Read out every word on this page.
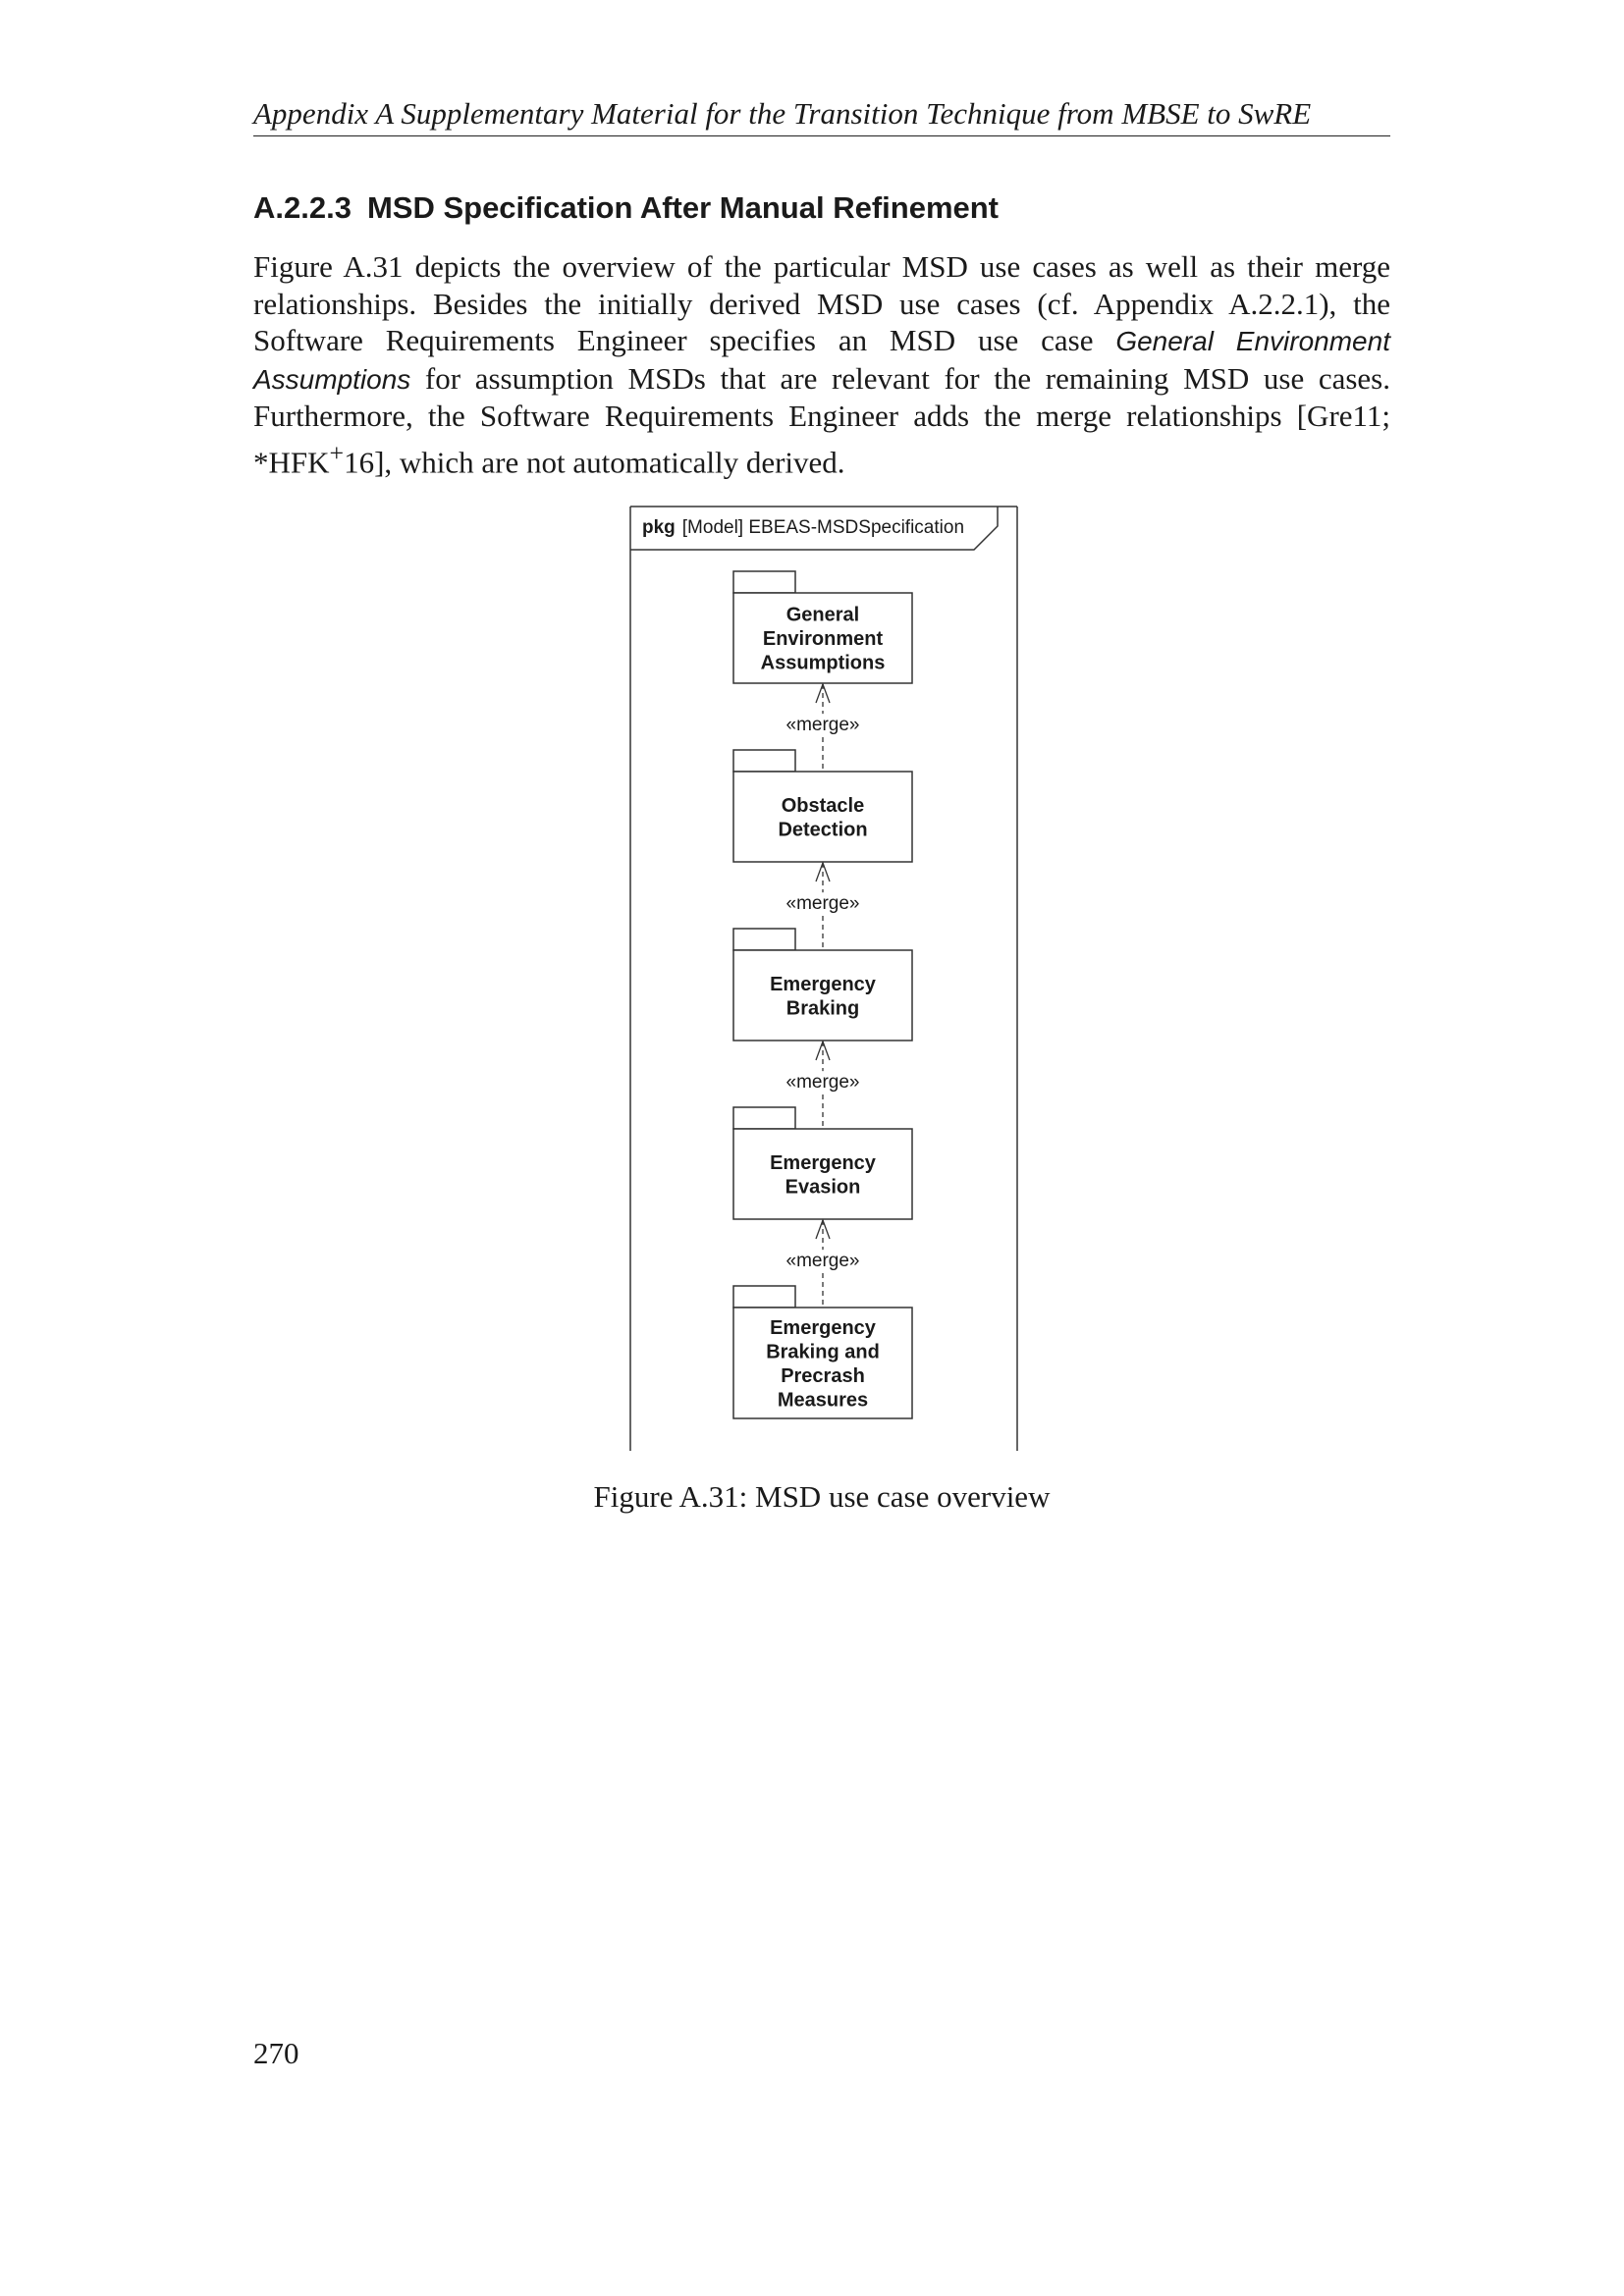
Appendix A Supplementary Material for the Transition Technique from MBSE to SwRE
A.2.2.3 MSD Specification After Manual Refinement

Figure A.31 depicts the overview of the particular MSD use cases as well as their merge relationships. Besides the initially derived MSD use cases (cf. Appendix A.2.2.1), the Software Requirements Engineer specifies an MSD use case General Environment Assumptions for assumption MSDs that are relevant for the remaining MSD use cases. Furthermore, the Software Requirements Engineer adds the merge relationships [Gre11; *HFK+16], which are not automatically derived.

pkg [Model] EBEAS-MSDSpecification
General
Environment
Assumptions
Obstacle
Detection
Emergency
Braking
Emergency
Evasion
Emergency
Braking and
Precrash
Measures
«merge»
«merge»
«merge»
«merge»
Figure A.31: MSD use case overview
270
